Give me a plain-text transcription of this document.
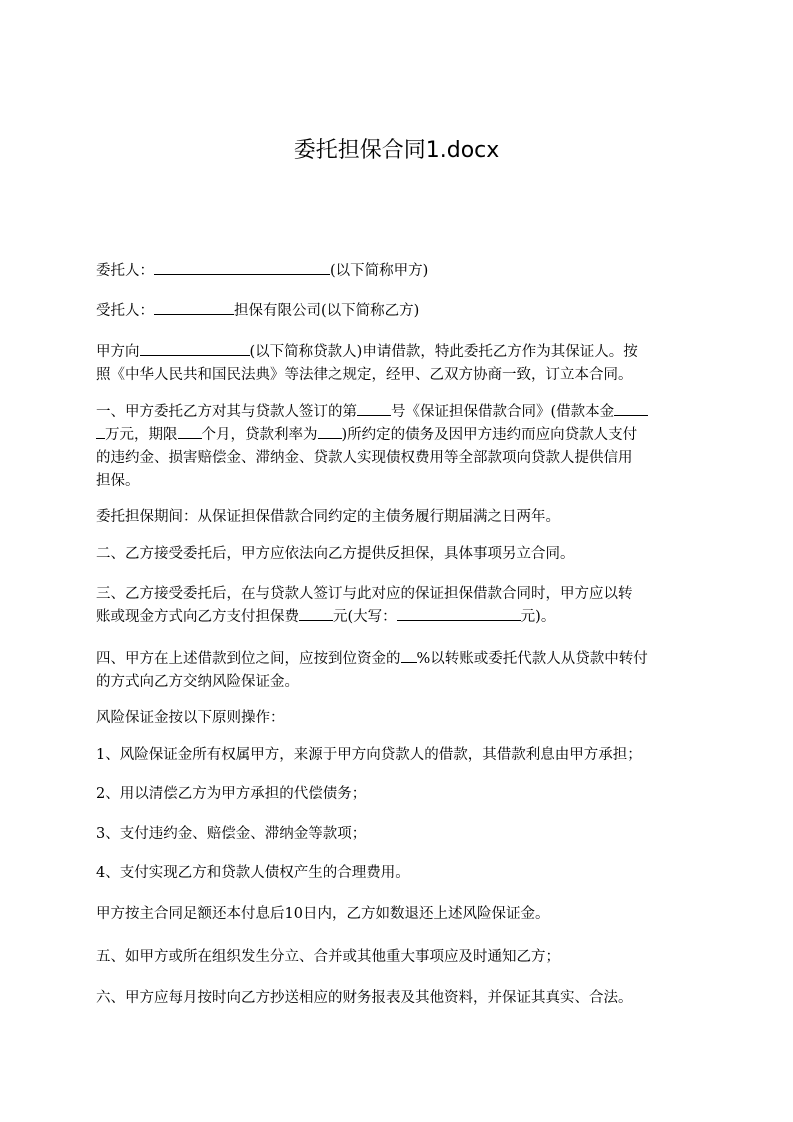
委托担保合同1.docx
委托人：	(以下简称甲方)
受托人：	担保有限公司(以下简称乙方)
甲方向	(以下简称贷款人)申请借款，特此委托乙方作为其保证人。按
照《中华人民共和国民法典》等法律之规定，经甲、乙双方协商一致，订立本合同。
一、甲方委托乙方对其与贷款人签订的第 号《保证担保借款合同》(借款本金
万元，期限 个月，贷款利率为 )所约定的债务及因甲方违约而应向贷款人支付
的违约金、损害赔偿金、滞纳金、贷款人实现债权费用等全部款项向贷款人提供信用
担保。
委托担保期间：从保证担保借款合同约定的主债务履行期届满之日两年。
二、乙方接受委托后，甲方应依法向乙方提供反担保，具体事项另立合同。
三、乙方接受委托后，在与贷款人签订与此对应的保证担保借款合同时，甲方应以转
账或现金方式向乙方支付担保费 元(大写：	元)。
四、甲方在上述借款到位之间，应按到位资金的 %以转账或委托代款人从贷款中转付
的方式向乙方交纳风险保证金。
风险保证金按以下原则操作：
1、风险保证金所有权属甲方，来源于甲方向贷款人的借款，其借款利息由甲方承担；
2、用以清偿乙方为甲方承担的代偿债务；
3、支付违约金、赔偿金、滞纳金等款项；
4、支付实现乙方和贷款人债权产生的合理费用。
甲方按主合同足额还本付息后10日内，乙方如数退还上述风险保证金。
五、如甲方或所在组织发生分立、合并或其他重大事项应及时通知乙方；
六、甲方应每月按时向乙方抄送相应的财务报表及其他资料，并保证其真实、合法。
